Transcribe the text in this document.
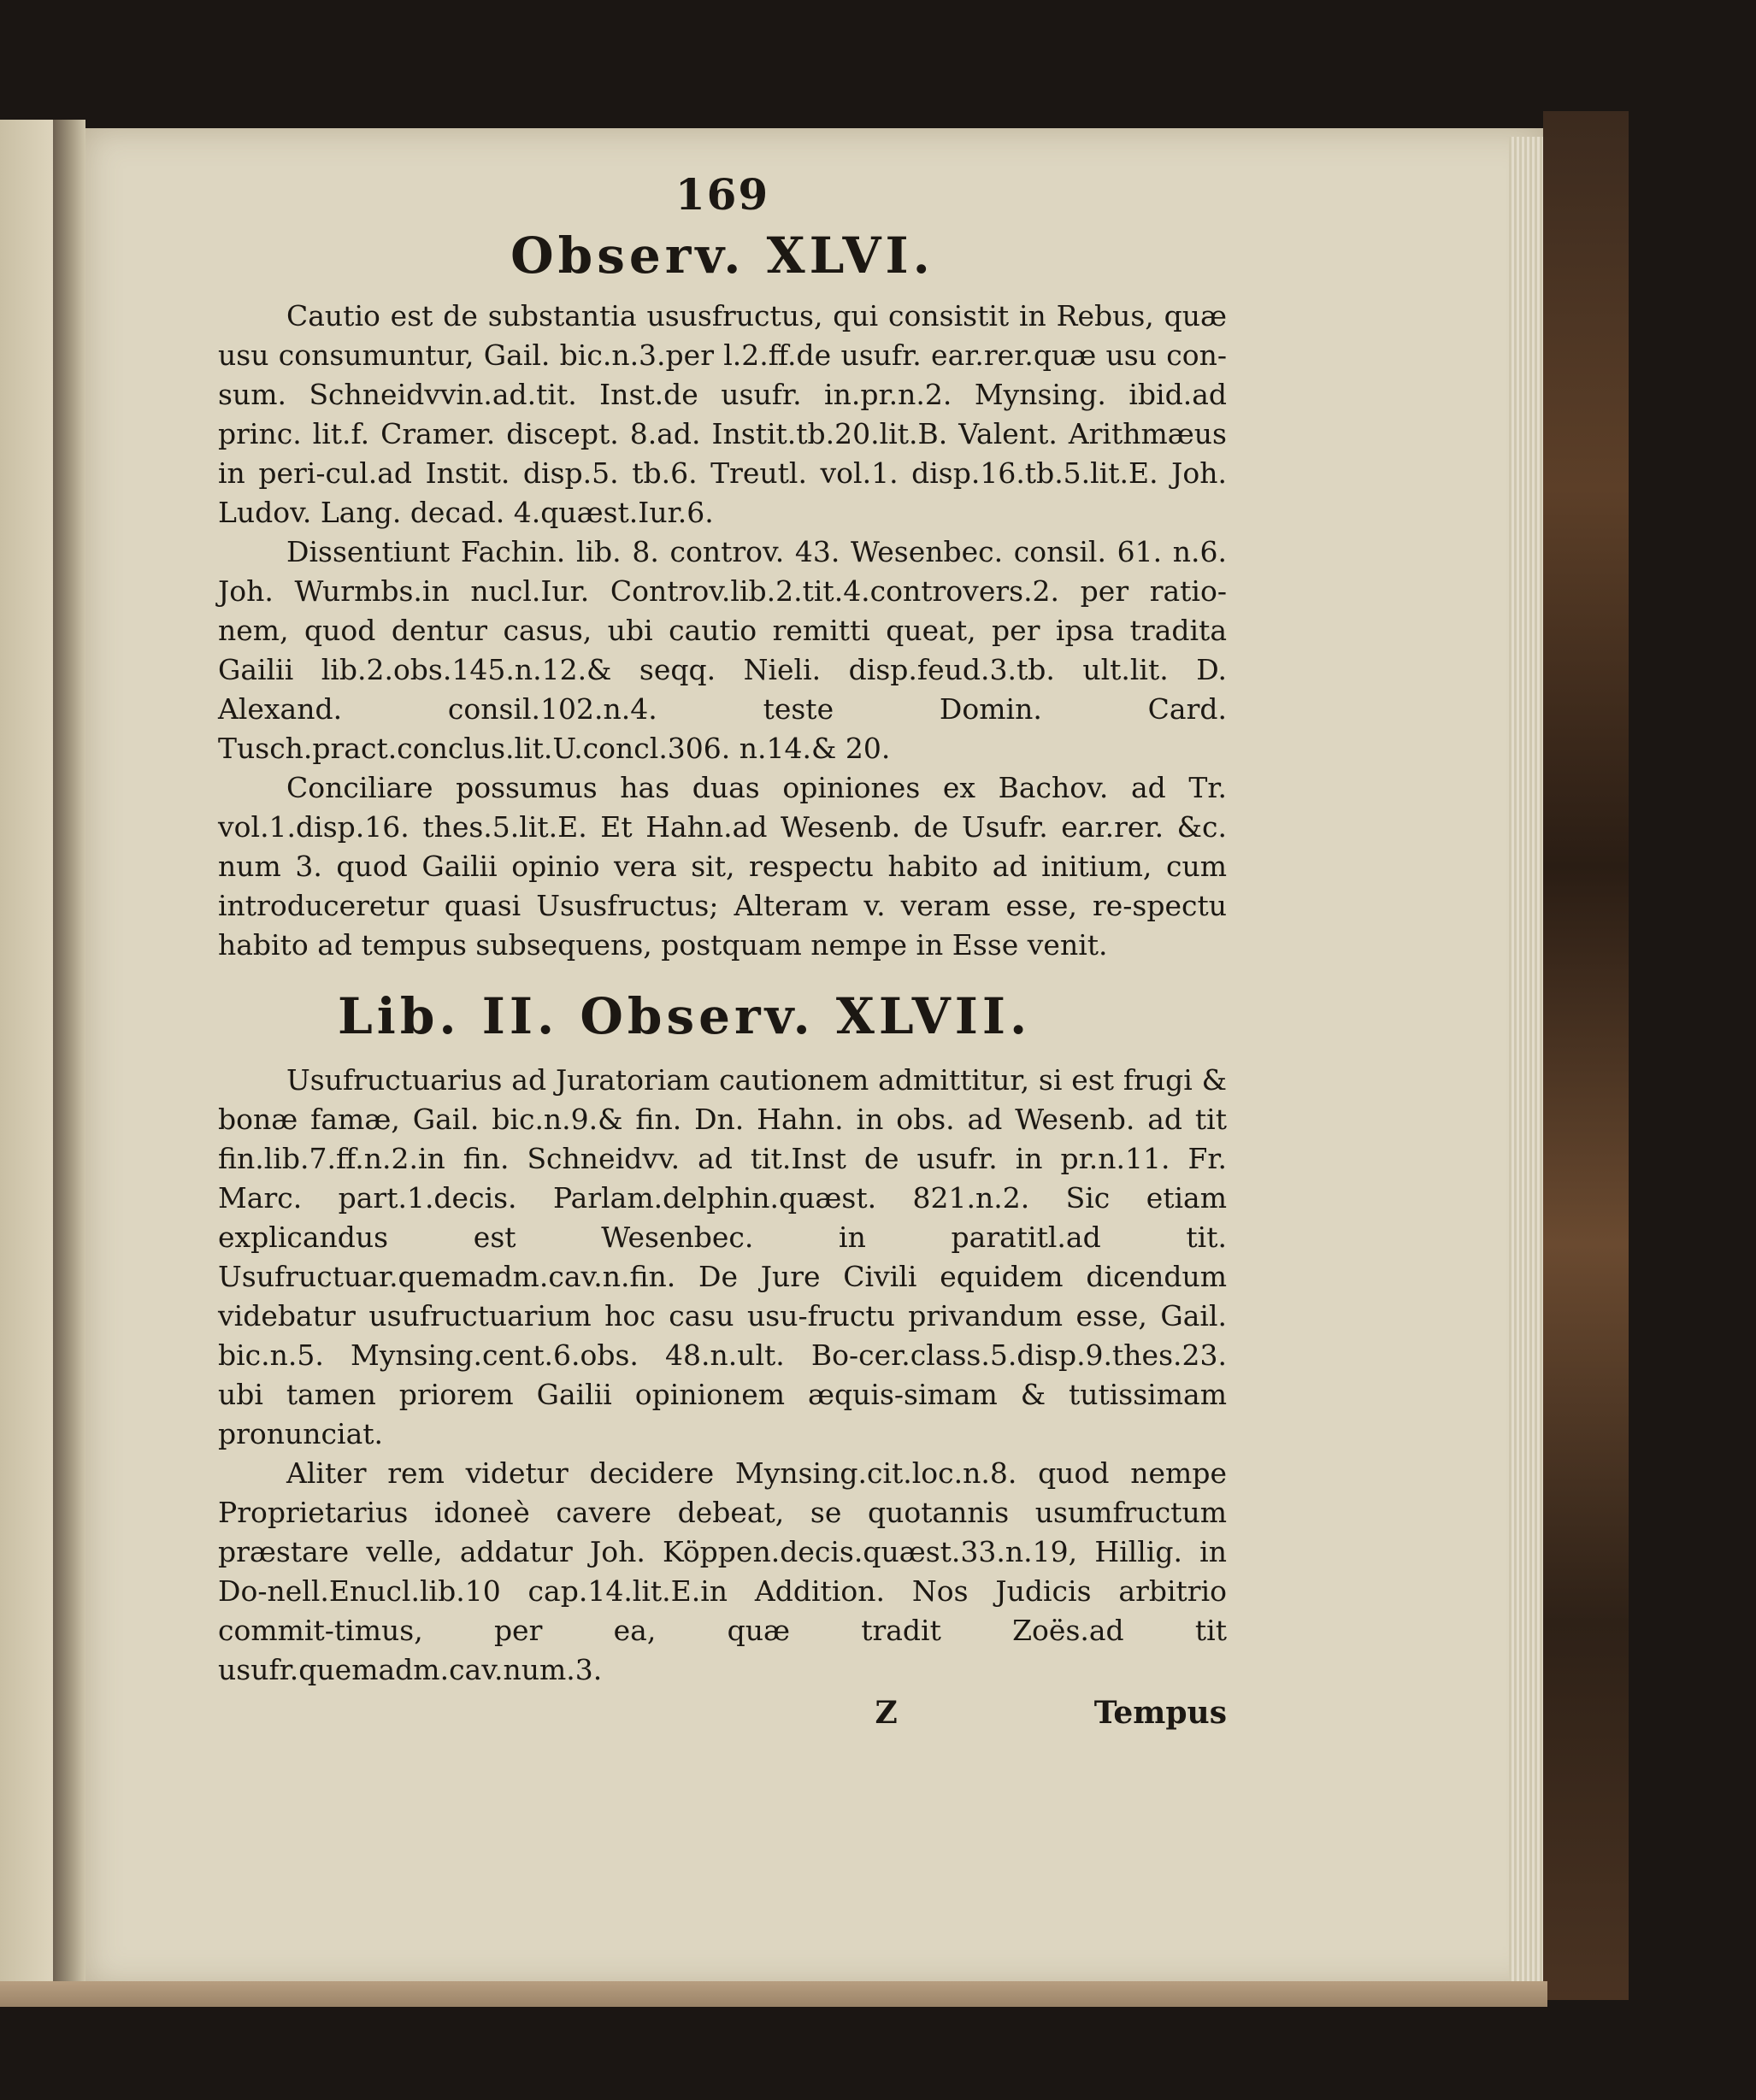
169
Observ. XLVI.

Cautio est de substantia ususfructus, qui consistit in Rebus, quæ usu consumuntur, Gail. bic.n.3.per l.2.ff.de usufr. ear.rer.quæ usu con-sum. Schneidvvin.ad.tit. Inst.de usufr. in.pr.n.2. Mynsing. ibid.ad princ. lit.f. Cramer. discept. 8.ad. Instit.tb.20.lit.B. Valent. Arithmæus in peri-cul.ad Instit. disp.5. tb.6. Treutl. vol.1. disp.16.tb.5.lit.E. Joh. Ludov. Lang. decad. 4.quæst.Iur.6.

Dissentiunt Fachin. lib. 8. controv. 43. Wesenbec. consil. 61. n.6. Joh. Wurmbs.in nucl.Iur. Controv.lib.2.tit.4.controvers.2. per ratio-nem, quod dentur casus, ubi cautio remitti queat, per ipsa tradita Gailii lib.2.obs.145.n.12.& seqq. Nieli. disp.feud.3.tb. ult.lit. D. Alexand. consil.102.n.4. teste Domin. Card. Tusch.pract.conclus.lit.U.concl.306. n.14.& 20.

Conciliare possumus has duas opiniones ex Bachov. ad Tr. vol.1.disp.16. thes.5.lit.E. Et Hahn.ad Wesenb. de Usufr. ear.rer. &c. num 3. quod Gailii opinio vera sit, respectu habito ad initium, cum introduceretur quasi Ususfructus; Alteram v. veram esse, re-spectu habito ad tempus subsequens, postquam nempe in Esse venit.

Lib. II. Observ. XLVII.

Usufructuarius ad Juratoriam cautionem admittitur, si est frugi & bonæ famæ, Gail. bic.n.9.& fin. Dn. Hahn. in obs. ad Wesenb. ad tit fin.lib.7.ff.n.2.in fin. Schneidvv. ad tit.Inst de usufr. in pr.n.11. Fr. Marc. part.1.decis. Parlam.delphin.quæst. 821.n.2. Sic etiam explicandus est Wesenbec. in paratitl.ad tit. Usufructuar.quemadm.cav.n.fin. De Jure Civili equidem dicendum videbatur usufructuarium hoc casu usu-fructu privandum esse, Gail. bic.n.5. Mynsing.cent.6.obs. 48.n.ult. Bo-cer.class.5.disp.9.thes.23. ubi tamen priorem Gailii opinionem æquis-simam & tutissimam pronunciat.

Aliter rem videtur decidere Mynsing.cit.loc.n.8. quod nempe Proprietarius idoneè cavere debeat, se quotannis usumfructum præstare velle, addatur Joh. Köppen.decis.quæst.33.n.19, Hillig. in Do-nell.Enucl.lib.10 cap.14.lit.E.in Addition. Nos Judicis arbitrio commit-timus, per ea, quæ tradit Zoës.ad tit usufr.quemadm.cav.num.3.

Z	Tempus
